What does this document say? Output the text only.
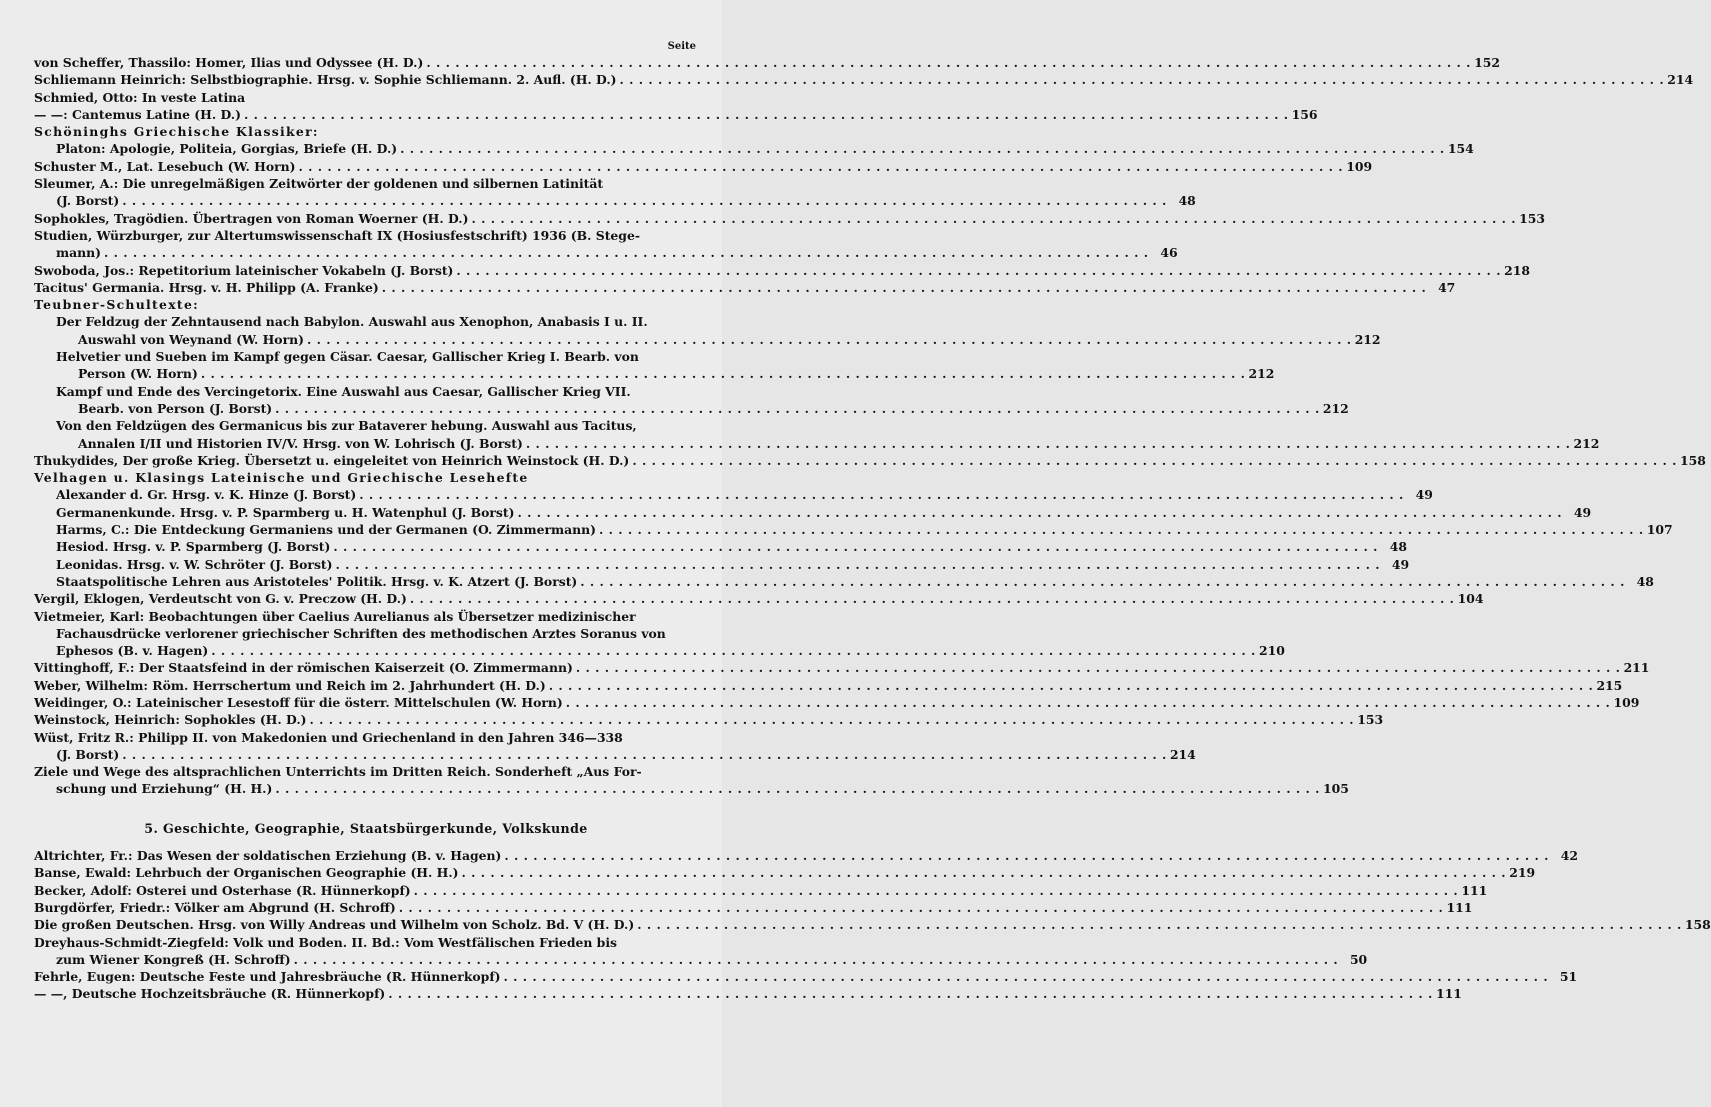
Seite
von Scheffer, Thassilo: Homer, Ilias und Odyssee (H. D.) . . .	152
Schliemann Heinrich: Selbstbiographie. Hrsg. v. Sophie Schliemann. 2. Aufl. (H. D.) . . .	214
Schmied, Otto: In veste Latina
— —: Cantemus Latine (H. D.) . . .	156
Schöninghs Griechische Klassiker:
Platon: Apologie, Politeia, Gorgias, Briefe (H. D.) . . .	154
Schuster M., Lat. Lesebuch (W. Horn) . . .	109
Sleumer, A.: Die unregelmäßigen Zeitwörter der goldenen und silbernen Latinität
(J. Borst) . . .	48
Sophokles, Tragödien. Übertragen von Roman Woerner (H. D.) . . .	153
Studien, Würzburger, zur Altertumswissenschaft IX (Hosiusfestschrift) 1936 (B. Stege-
mann) . . .	46
Swoboda, Jos.: Repetitorium lateinischer Vokabeln (J. Borst) . . .	218
Tacitus' Germania. Hrsg. v. H. Philipp (A. Franke) . . .	47
Teubner-Schultexte:
Der Feldzug der Zehntausend nach Babylon. Auswahl aus Xenophon, Anabasis I u. II.
Auswahl von Weynand (W. Horn) . . .	212
Helvetier und Sueben im Kampf gegen Cäsar. Caesar, Gallischer Krieg I. Bearb. von
Person (W. Horn) . . .	212
Kampf und Ende des Vercingetorix. Eine Auswahl aus Caesar, Gallischer Krieg VII.
Bearb. von Person (J. Borst) . . .	212
Von den Feldzügen des Germanicus bis zur Bataverer hebung. Auswahl aus Tacitus,
Annalen I/II und Historien IV/V. Hrsg. von W. Lohrisch (J. Borst) . . .	212
Thukydides, Der große Krieg. Übersetzt u. eingeleitet von Heinrich Weinstock (H. D.) . . .	158
Velhagen u. Klasings Lateinische und Griechische Lesehefte
Alexander d. Gr. Hrsg. v. K. Hinze (J. Borst) . . .	49
Germanenkunde. Hrsg. v. P. Sparmberg u. H. Watenphul (J. Borst) . . .	49
Harms, C.: Die Entdeckung Germaniens und der Germanen (O. Zimmermann) . . .	107
Hesiod. Hrsg. v. P. Sparmberg (J. Borst) . . .	48
Leonidas. Hrsg. v. W. Schröter (J. Borst) . . .	49
Staatspolitische Lehren aus Aristoteles' Politik. Hrsg. v. K. Atzert (J. Borst) . . .	48
Vergil, Eklogen, Verdeutscht von G. v. Preczow (H. D.) . . .	104
Vietmeier, Karl: Beobachtungen über Caelius Aurelianus als Übersetzer medizinischer
Fachausdrücke verlorener griechischer Schriften des methodischen Arztes Soranus von
Ephesos (B. v. Hagen) . . .	210
Vittinghoff, F.: Der Staatsfeind in der römischen Kaiserzeit (O. Zimmermann) . . .	211
Weber, Wilhelm: Röm. Herrschertum und Reich im 2. Jahrhundert (H. D.) . . .	215
Weidinger, O.: Lateinischer Lesestoff für die österr. Mittelschulen (W. Horn) . . .	109
Weinstock, Heinrich: Sophokles (H. D.) . . .	153
Wüst, Fritz R.: Philipp II. von Makedonien und Griechenland in den Jahren 346—338
(J. Borst) . . .	214
Ziele und Wege des altsprachlichen Unterrichts im Dritten Reich. Sonderheft „Aus For-
schung und Erziehung“ (H. H.) . . .	105
5. Geschichte, Geographie, Staatsbürgerkunde, Volkskunde
Altrichter, Fr.: Das Wesen der soldatischen Erziehung (B. v. Hagen) . . .	42
Banse, Ewald: Lehrbuch der Organischen Geographie (H. H.) . . .	219
Becker, Adolf: Osterei und Osterhase (R. Hünnerkopf) . . .	111
Burgdörfer, Friedr.: Völker am Abgrund (H. Schroff) . . .	111
Die großen Deutschen. Hrsg. von Willy Andreas und Wilhelm von Scholz. Bd. V (H. D.) . . .	158
Dreyhaus-Schmidt-Ziegfeld: Volk und Boden. II. Bd.: Vom Westfälischen Frieden bis
zum Wiener Kongreß (H. Schroff) . . .	50
Fehrle, Eugen: Deutsche Feste und Jahresbräuche (R. Hünnerkopf) . . .	51
— —, Deutsche Hochzeitsbräuche (R. Hünnerkopf) . . .	111
